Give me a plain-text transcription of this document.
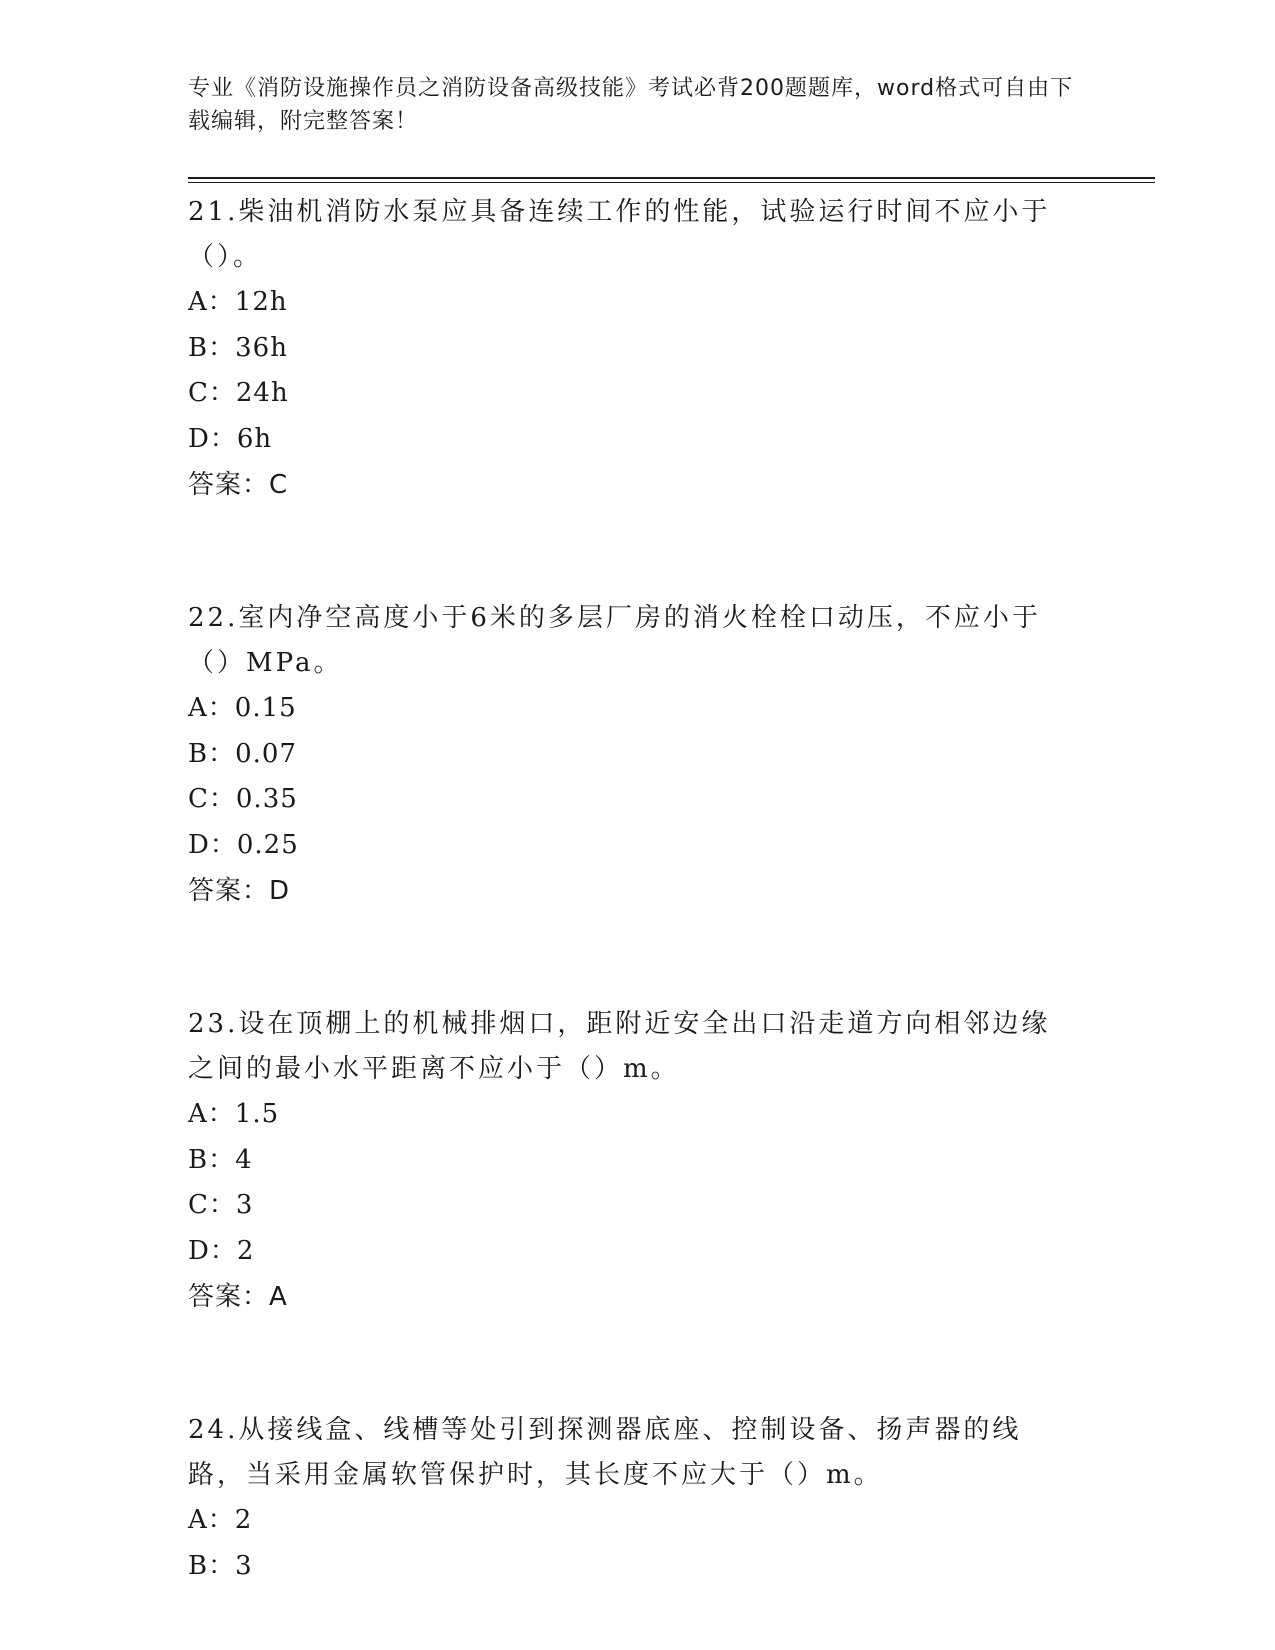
专业《消防设施操作员之消防设备高级技能》考试必背200题题库，word格式可自由下载编辑，附完整答案！
21.柴油机消防水泵应具备连续工作的性能，试验运行时间不应小于（）。
A：12h
B：36h
C：24h
D：6h
答案：C
22.室内净空高度小于6米的多层厂房的消火栓栓口动压，不应小于（）MPa。
A：0.15
B：0.07
C：0.35
D：0.25
答案：D
23.设在顶棚上的机械排烟口，距附近安全出口沿走道方向相邻边缘之间的最小水平距离不应小于（）m。
A：1.5
B：4
C：3
D：2
答案：A
24.从接线盒、线槽等处引到探测器底座、控制设备、扬声器的线路，当采用金属软管保护时，其长度不应大于（）m。
A：2
B：3
